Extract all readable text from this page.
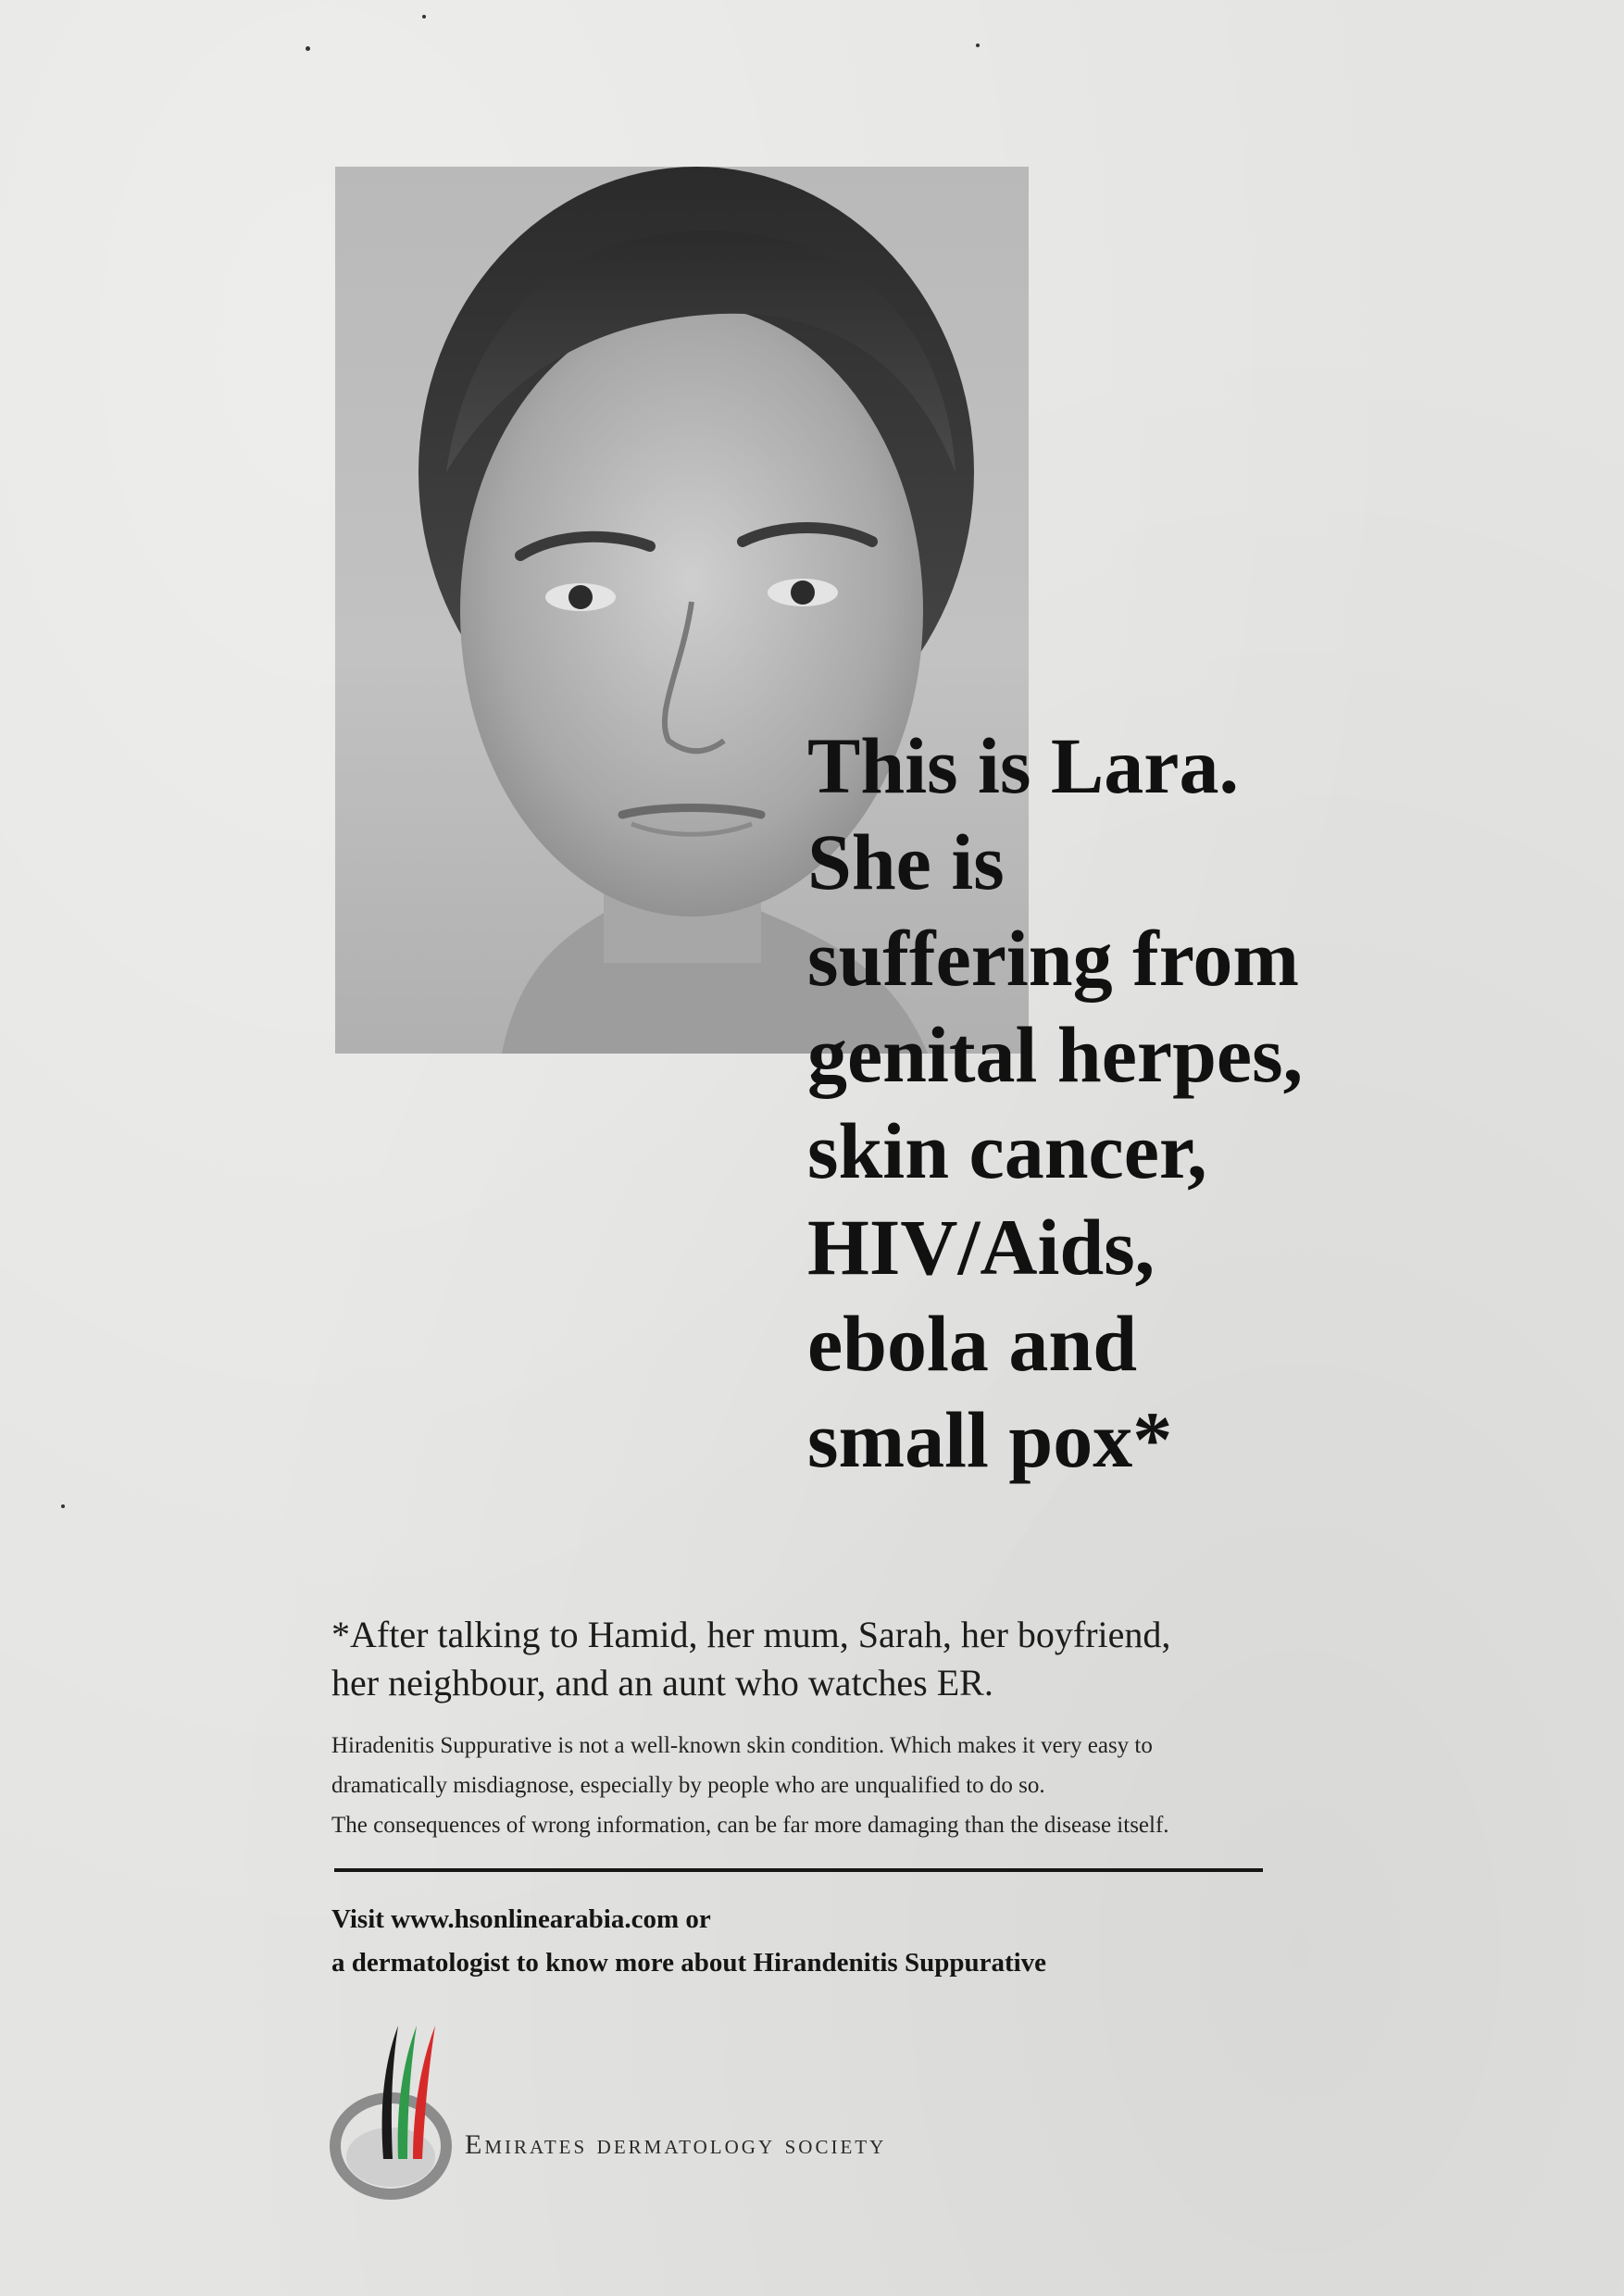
This is Lara.
She is
suffering from
genital herpes,
skin cancer,
HIV/Aids,
ebola and
small pox*

*After talking to Hamid, her mum, Sarah, her boyfriend,
her neighbour, and an aunt who watches ER.

Hiradenitis Suppurative is not a well-known skin condition. Which makes it very easy to
dramatically misdiagnose, especially by people who are unqualified to do so.
The consequences of wrong information, can be far more damaging than the disease itself.

Visit www.hsonlinearabia.com or
a dermatologist to know more about Hirandenitis Suppurative

Emirates dermatology society
